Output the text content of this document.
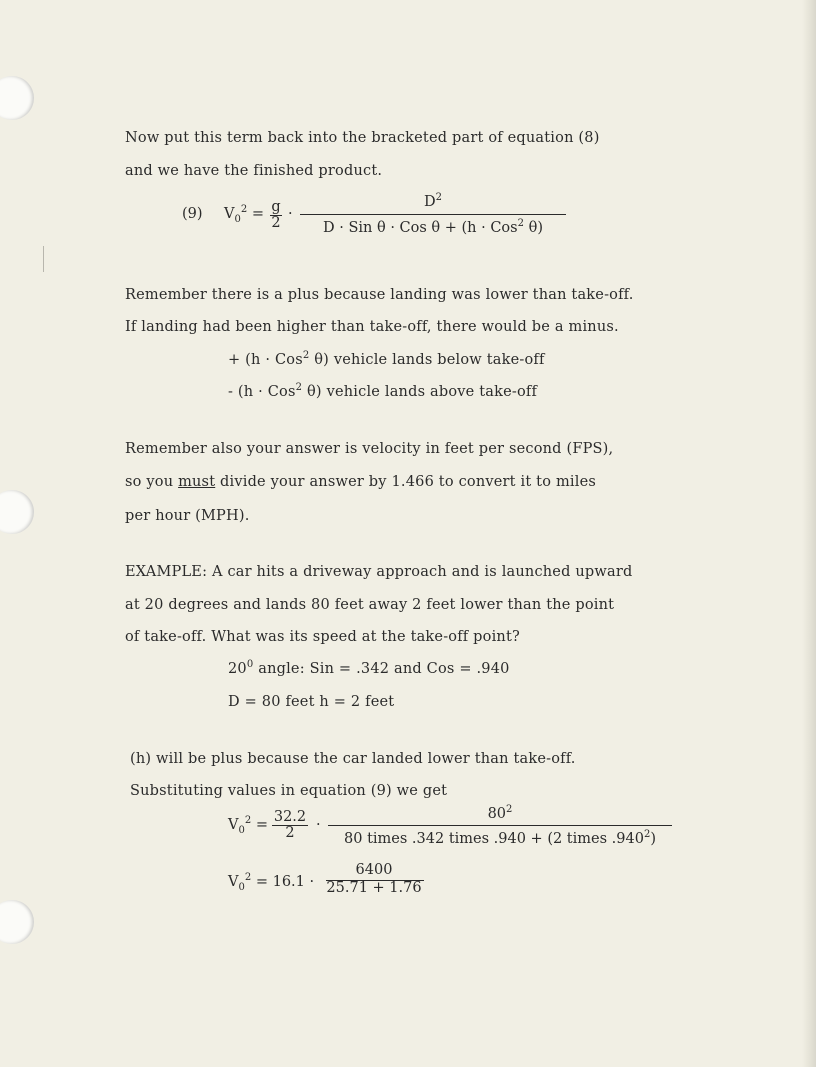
Now put this term back into the bracketed part of equation (8)
and we have the finished product.
(9) $V_0^2 = \frac{g}{2}$ ·
$D^2$
D · Sin θ · Cos θ + (h · Cos$^2$ θ)
Remember there is a plus because landing was lower than take-off.
If landing had been higher than take-off, there would be a minus.
+ (h · Cos$^2$ θ) vehicle lands below take-off
- (h · Cos$^2$ θ) vehicle lands above take-off
Remember also your answer is velocity in feet per second (FPS),
so you must divide your answer by 1.466 to convert it to miles
per hour (MPH).
EXAMPLE: A car hits a driveway approach and is launched upward
at 20 degrees and lands 80 feet away 2 feet lower than the point
of take-off. What was its speed at the take-off point?
$20^0$ angle: Sin = .342 and Cos = .940
D = 80 feet h = 2 feet
(h) will be plus because the car landed lower than take-off.
Substituting values in equation (9) we get
$V_0^2 = \frac{32.2}{2}$ ·
$80^2$
80 times .342 times .940 + (2 times .940$^2$)
$V_0^2 = 16.1$ ·
6400
25.71 + 1.76
